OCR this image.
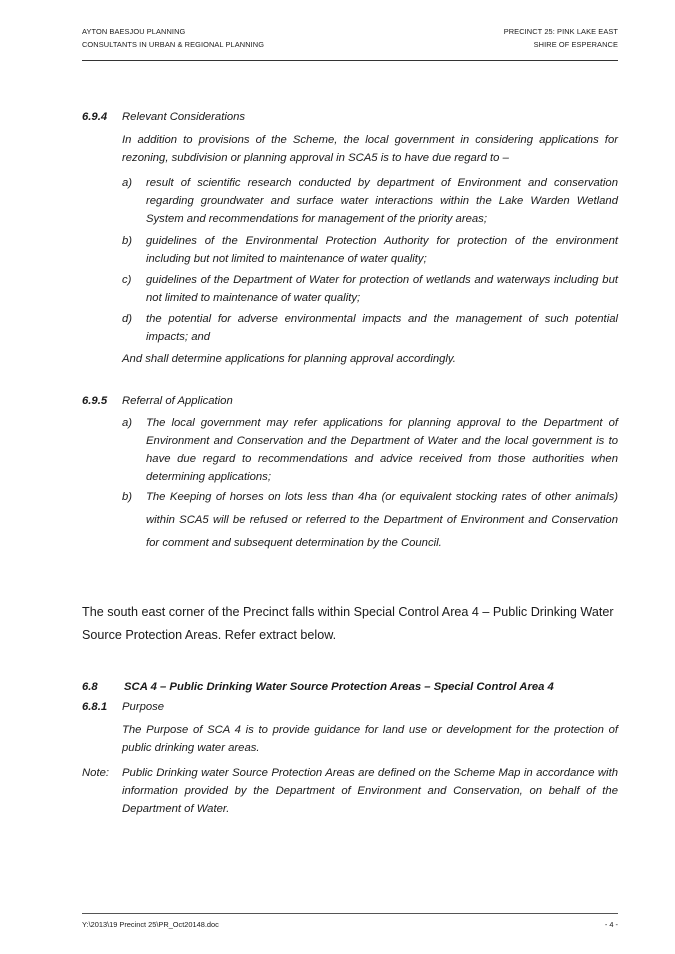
AYTON BAESJOU PLANNING
CONSULTANTS IN URBAN & REGIONAL PLANNING
PRECINCT 25: PINK LAKE EAST
SHIRE OF ESPERANCE
6.9.4 Relevant Considerations
In addition to provisions of the Scheme, the local government in considering applications for rezoning, subdivision or planning approval in SCA5 is to have due regard to –
a) result of scientific research conducted by department of Environment and conservation regarding groundwater and surface water interactions within the Lake Warden Wetland System and recommendations for management of the priority areas;
b) guidelines of the Environmental Protection Authority for protection of the environment including but not limited to maintenance of water quality;
c) guidelines of the Department of Water for protection of wetlands and waterways including but not limited to maintenance of water quality;
d) the potential for adverse environmental impacts and the management of such potential impacts; and
And shall determine applications for planning approval accordingly.
6.9.5 Referral of Application
a) The local government may refer applications for planning approval to the Department of Environment and Conservation and the Department of Water and the local government is to have due regard to recommendations and advice received from those authorities when determining applications;
b) The Keeping of horses on lots less than 4ha (or equivalent stocking rates of other animals) within SCA5 will be refused or referred to the Department of Environment and Conservation for comment and subsequent determination by the Council.
The south east corner of the Precinct falls within Special Control Area 4 – Public Drinking Water Source Protection Areas. Refer extract below.
6.8 SCA 4 – Public Drinking Water Source Protection Areas – Special Control Area 4
6.8.1 Purpose
The Purpose of SCA 4 is to provide guidance for land use or development for the protection of public drinking water areas.
Note: Public Drinking water Source Protection Areas are defined on the Scheme Map in accordance with information provided by the Department of Environment and Conservation, on behalf of the Department of Water.
Y:\2013\19 Precinct 25\PR_Oct20148.doc	- 4 -
